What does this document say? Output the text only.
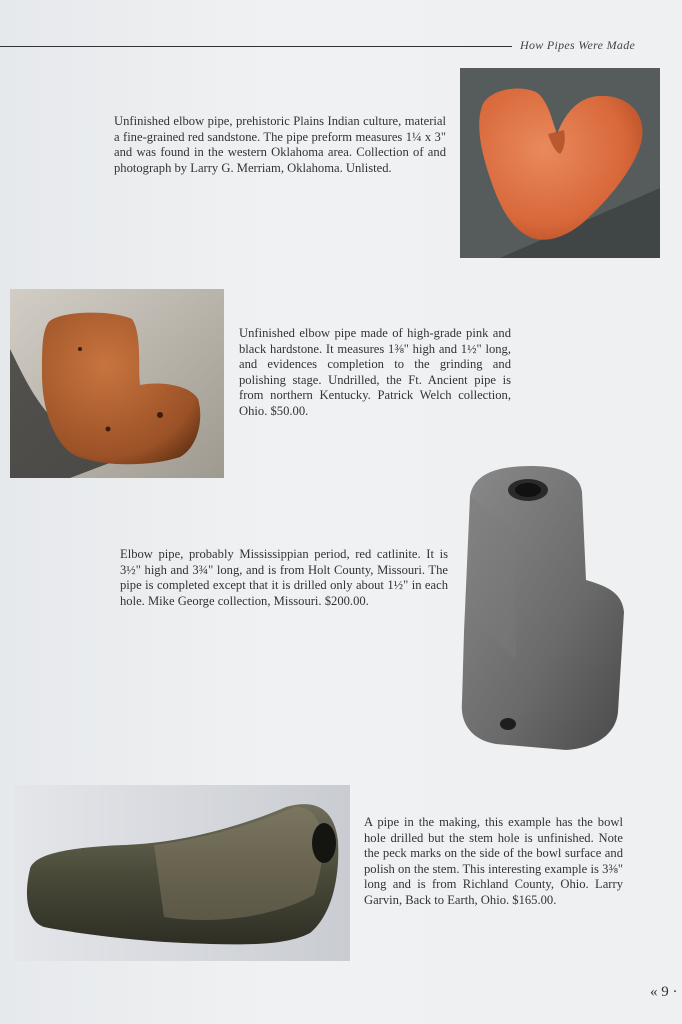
How Pipes Were Made

Unfinished elbow pipe, prehistoric Plains Indian culture, material a fine-grained red sandstone. The pipe preform measures 1¼ x 3" and was found in the western Oklahoma area. Collection of and photograph by Larry G. Merriam, Oklahoma. Unlisted.

Unfinished elbow pipe made of high-grade pink and black hardstone. It measures 1⅜" high and 1½" long, and evidences completion to the grinding and polishing stage. Undrilled, the Ft. Ancient pipe is from northern Kentucky. Patrick Welch collection, Ohio. $50.00.

Elbow pipe, probably Mississippian period, red catlinite. It is 3½" high and 3¾" long, and is from Holt County, Missouri. The pipe is completed except that it is drilled only about 1½" in each hole. Mike George collection, Missouri. $200.00.

A pipe in the making, this example has the bowl hole drilled but the stem hole is unfinished. Note the peck marks on the side of the bowl surface and polish on the stem. This interesting example is 3⅜" long and is from Richland County, Ohio. Larry Garvin, Back to Earth, Ohio. $165.00.

« 9 ·
